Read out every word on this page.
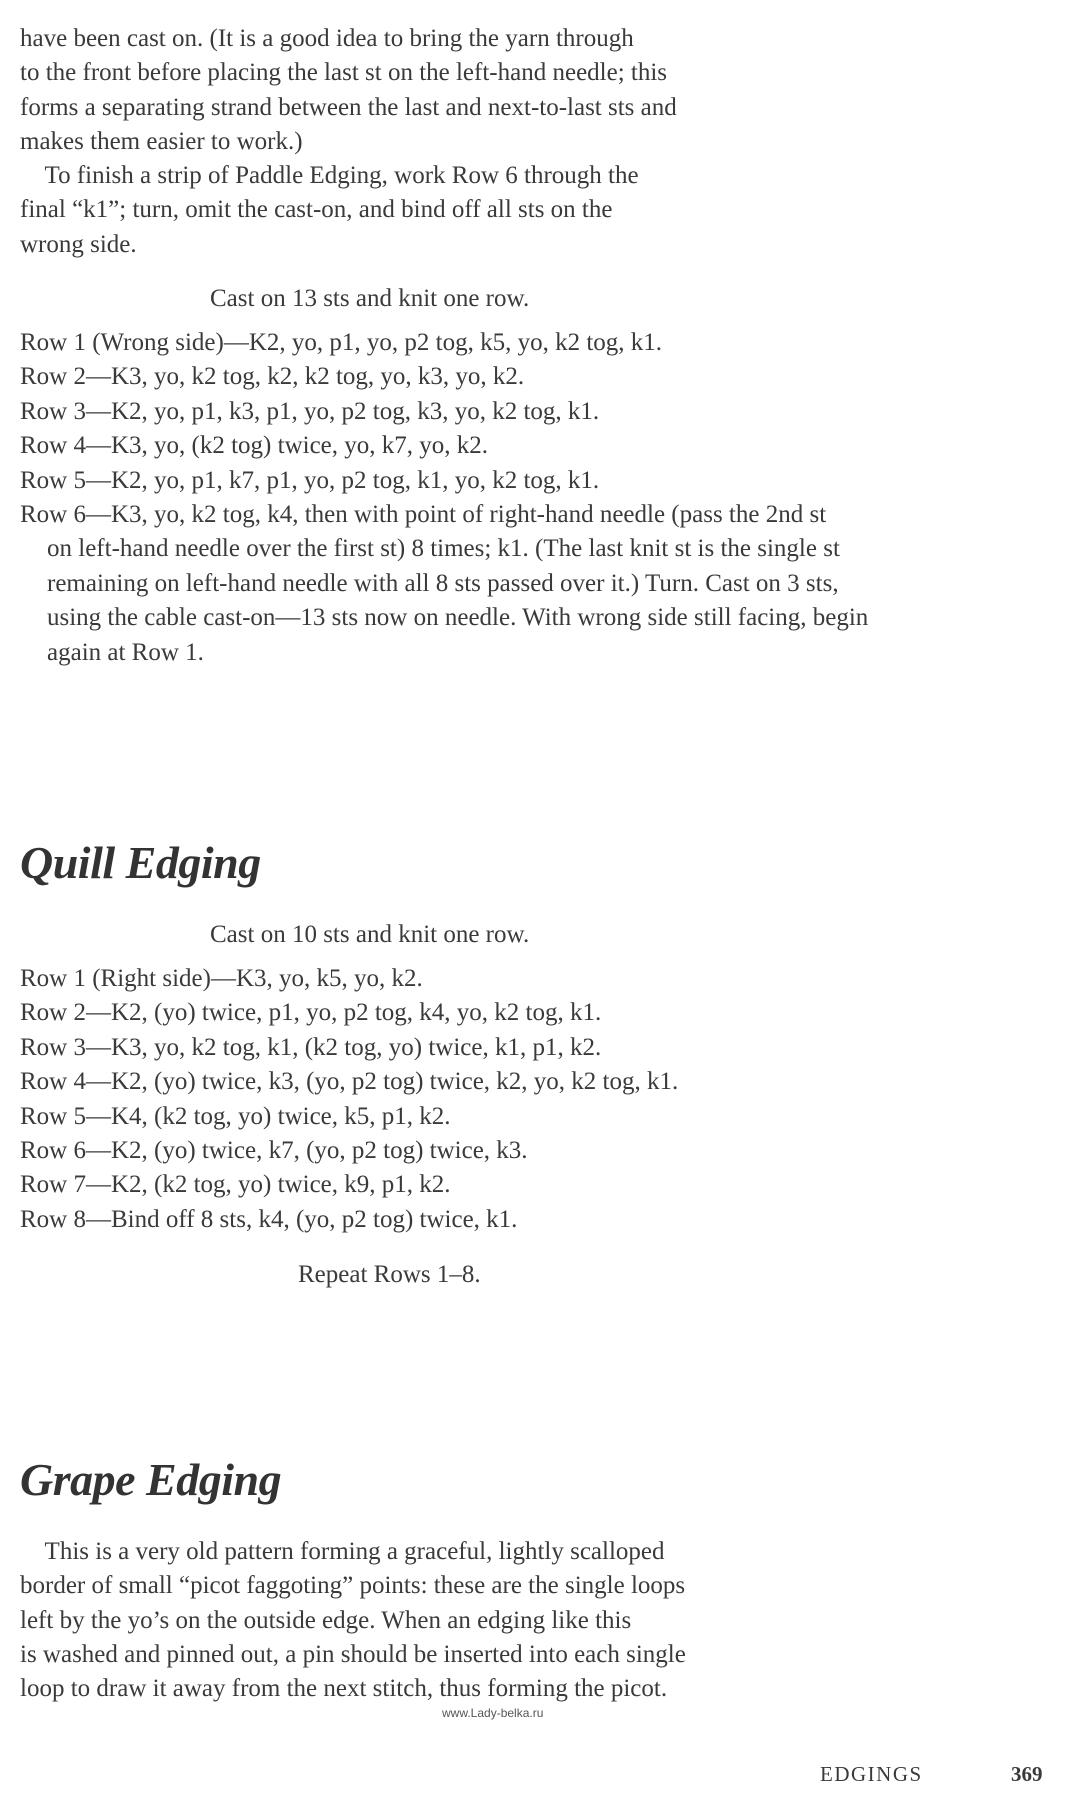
have been cast on. (It is a good idea to bring the yarn through
to the front before placing the last st on the left-hand needle; this
forms a separating strand between the last and next-to-last sts and
makes them easier to work.)
To finish a strip of Paddle Edging, work Row 6 through the
final “k1”; turn, omit the cast-on, and bind off all sts on the
wrong side.
Cast on 13 sts and knit one row.
Row 1 (Wrong side)—K2, yo, p1, yo, p2 tog, k5, yo, k2 tog, k1.
Row 2—K3, yo, k2 tog, k2, k2 tog, yo, k3, yo, k2.
Row 3—K2, yo, p1, k3, p1, yo, p2 tog, k3, yo, k2 tog, k1.
Row 4—K3, yo, (k2 tog) twice, yo, k7, yo, k2.
Row 5—K2, yo, p1, k7, p1, yo, p2 tog, k1, yo, k2 tog, k1.
Row 6—K3, yo, k2 tog, k4, then with point of right-hand needle (pass the 2nd st
on left-hand needle over the first st) 8 times; k1. (The last knit st is the single st
remaining on left-hand needle with all 8 sts passed over it.) Turn. Cast on 3 sts,
using the cable cast-on—13 sts now on needle. With wrong side still facing, begin
again at Row 1.
Quill Edging
Cast on 10 sts and knit one row.
Row 1 (Right side)—K3, yo, k5, yo, k2.
Row 2—K2, (yo) twice, p1, yo, p2 tog, k4, yo, k2 tog, k1.
Row 3—K3, yo, k2 tog, k1, (k2 tog, yo) twice, k1, p1, k2.
Row 4—K2, (yo) twice, k3, (yo, p2 tog) twice, k2, yo, k2 tog, k1.
Row 5—K4, (k2 tog, yo) twice, k5, p1, k2.
Row 6—K2, (yo) twice, k7, (yo, p2 tog) twice, k3.
Row 7—K2, (k2 tog, yo) twice, k9, p1, k2.
Row 8—Bind off 8 sts, k4, (yo, p2 tog) twice, k1.
Repeat Rows 1–8.
Grape Edging
This is a very old pattern forming a graceful, lightly scalloped
border of small “picot faggoting” points: these are the single loops
left by the yo’s on the outside edge. When an edging like this
is washed and pinned out, a pin should be inserted into each single
loop to draw it away from the next stitch, thus forming the picot.
www.Lady-belka.ru
EDGINGS	369
